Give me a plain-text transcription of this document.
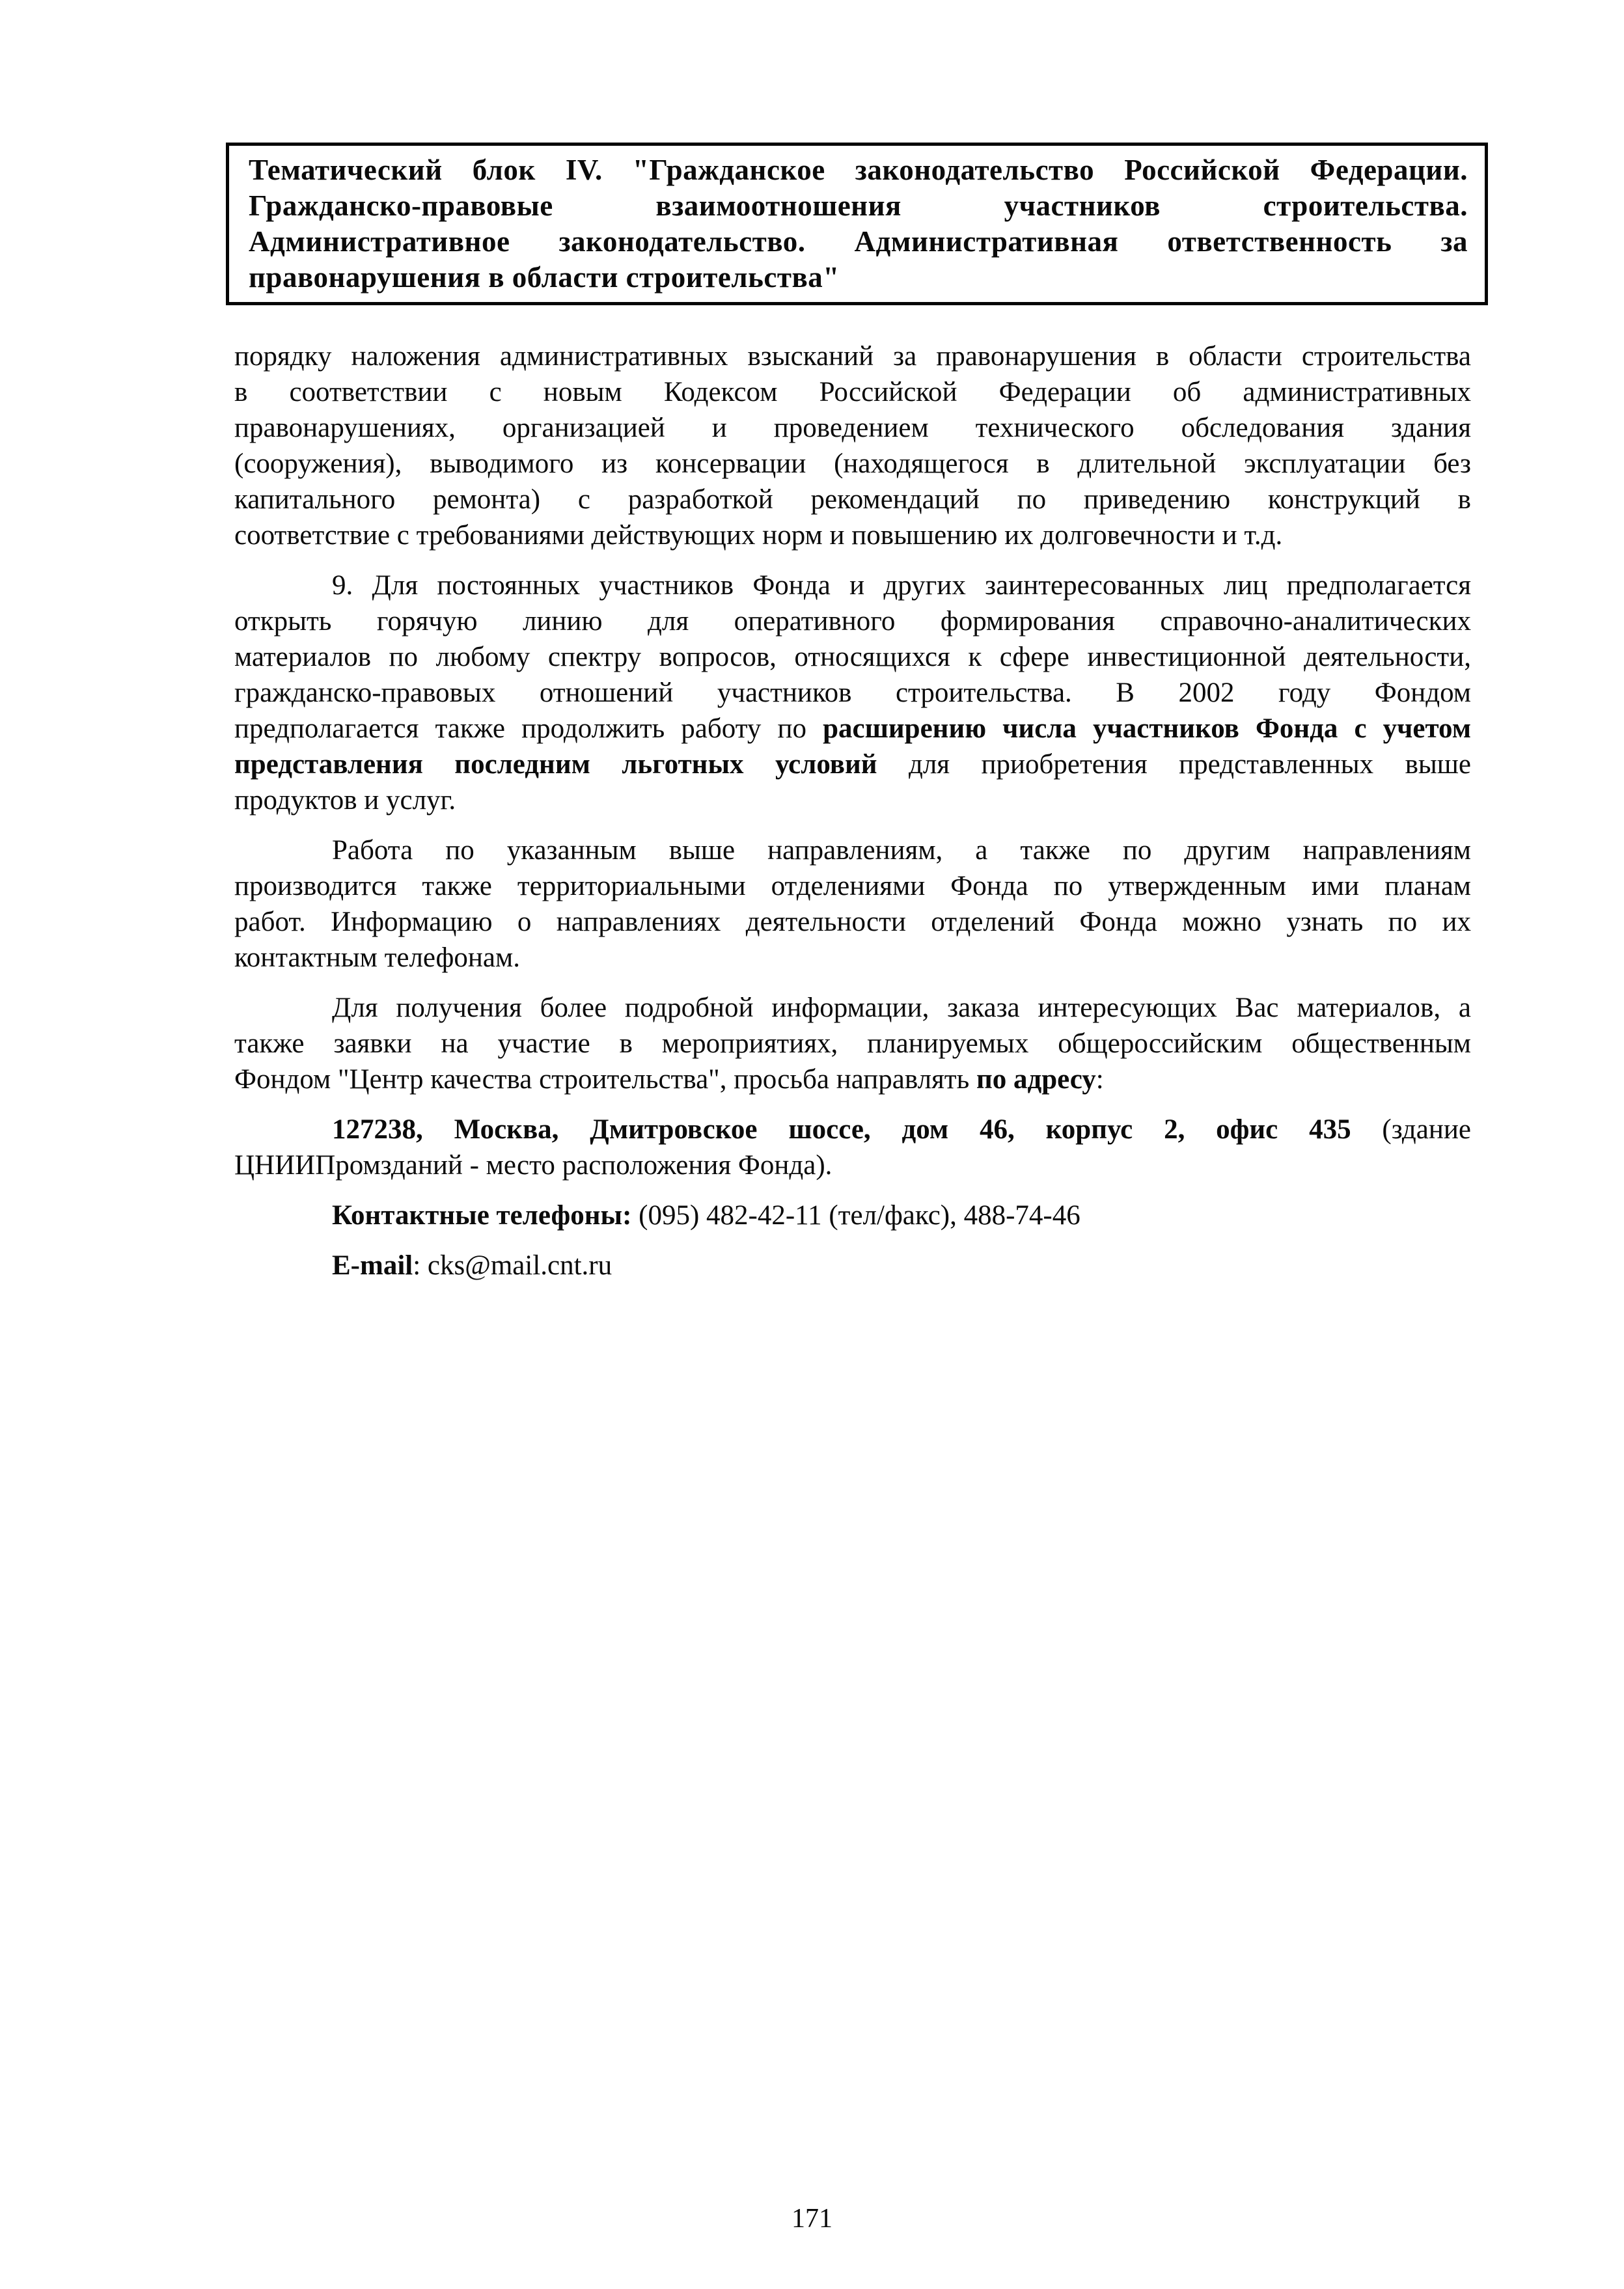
Тематический блок IV. "Гражданское законодательство Российской Федерации.
Гражданско-правовые взаимоотношения участников строительства.
Административное законодательство. Административная ответственность за
правонарушения в области строительства"
порядку наложения административных взысканий за правонарушения в области строительства
в соответствии с новым Кодексом Российской Федерации об административных
правонарушениях, организацией и проведением технического обследования здания
(сооружения), выводимого из консервации (находящегося в длительной эксплуатации без
капитального ремонта) с разработкой рекомендаций по приведению конструкций в
соответствие с требованиями действующих норм и повышению их долговечности и т.д.
9. Для постоянных участников Фонда и других заинтересованных лиц предполагается
открыть горячую линию для оперативного формирования справочно-аналитических
материалов по любому спектру вопросов, относящихся к сфере инвестиционной деятельности,
гражданско-правовых отношений участников строительства. В 2002 году Фондом
предполагается также продолжить работу по расширению числа участников Фонда с учетом
представления последним льготных условий для приобретения представленных выше
продуктов и услуг.
Работа по указанным выше направлениям, а также по другим направлениям
производится также территориальными отделениями Фонда по утвержденным ими планам
работ. Информацию о направлениях деятельности отделений Фонда можно узнать по их
контактным телефонам.
Для получения более подробной информации, заказа интересующих Вас материалов, а
также заявки на участие в мероприятиях, планируемых общероссийским общественным
Фондом "Центр качества строительства", просьба направлять по адресу:
127238, Москва, Дмитровское шоссе, дом 46, корпус 2, офис 435 (здание
ЦНИИПромзданий - место расположения Фонда).
Контактные телефоны: (095) 482-42-11 (тел/факс), 488-74-46
E-mail: cks@mail.cnt.ru
171
